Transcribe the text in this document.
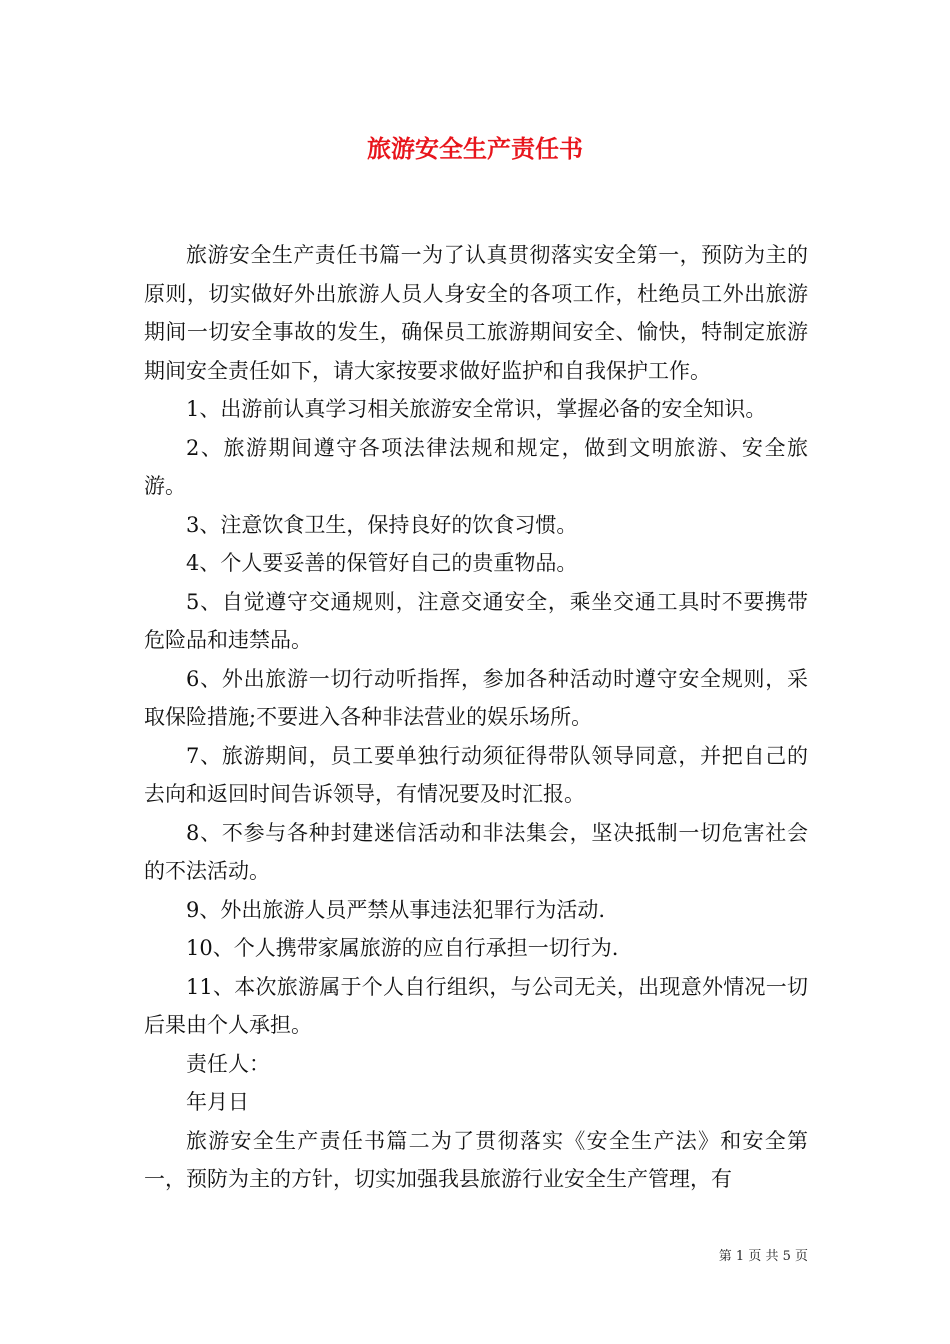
旅游安全生产责任书

旅游安全生产责任书篇一为了认真贯彻落实安全第一，预防为主的原则，切实做好外出旅游人员人身安全的各项工作，杜绝员工外出旅游期间一切安全事故的发生，确保员工旅游期间安全、愉快，特制定旅游期间安全责任如下，请大家按要求做好监护和自我保护工作。

1、出游前认真学习相关旅游安全常识，掌握必备的安全知识。

2、旅游期间遵守各项法律法规和规定，做到文明旅游、安全旅游。

3、注意饮食卫生，保持良好的饮食习惯。

4、个人要妥善的保管好自己的贵重物品。

5、自觉遵守交通规则，注意交通安全，乘坐交通工具时不要携带危险品和违禁品。

6、外出旅游一切行动听指挥，参加各种活动时遵守安全规则，采取保险措施;不要进入各种非法营业的娱乐场所。

7、旅游期间，员工要单独行动须征得带队领导同意，并把自己的去向和返回时间告诉领导，有情况要及时汇报。

8、不参与各种封建迷信活动和非法集会，坚决抵制一切危害社会的不法活动。

9、外出旅游人员严禁从事违法犯罪行为活动.

10、个人携带家属旅游的应自行承担一切行为.

11、本次旅游属于个人自行组织，与公司无关，出现意外情况一切后果由个人承担。

责任人：

年月日

旅游安全生产责任书篇二为了贯彻落实《安全生产法》和安全第一，预防为主的方针，切实加强我县旅游行业安全生产管理，有

第 1 页 共 5 页
